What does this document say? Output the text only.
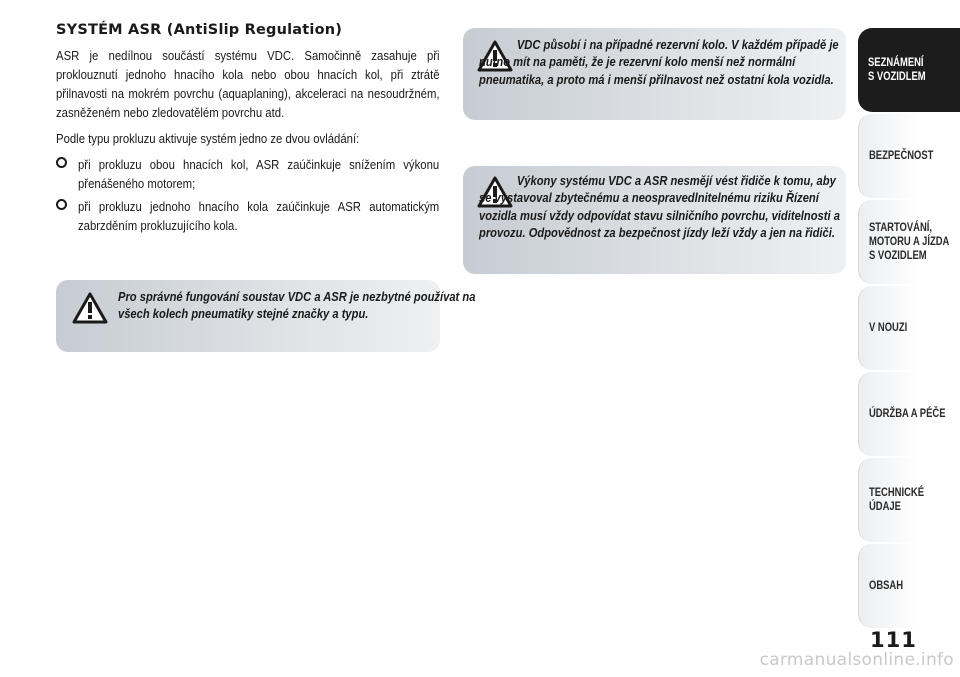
SYSTÉM ASR (AntiSlip Regulation)

ASR je nedílnou součástí systému VDC. Samočinně zasahuje při proklouznutí jednoho hnacího kola nebo obou hnacích kol, při ztrátě přilnavosti na mokrém povrchu (aquaplaning), akceleraci na nesoudržném, zasněženém nebo zledovatělém povrchu atd.

Podle typu prokluzu aktivuje systém jedno ze dvou ovládání:

při prokluzu obou hnacích kol, ASR zaúčinkuje snížením výkonu přenášeného motorem;
při prokluzu jednoho hnacího kola zaúčinkuje ASR automatickým zabrzděním prokluzujícího kola.

Pro správné fungování soustav VDC a ASR je nezbytné používat na všech kolech pneumatiky stejné značky a typu.

VDC působí i na případné rezervní kolo. V každém případě je nutno mít na paměti, že je rezervní kolo menší než normální pneumatika, a proto má i menší přilnavost než ostatní kola vozidla.

Výkony systému VDC a ASR nesmějí vést řidiče k tomu, aby se vystavoval zbytečnému a neospravedlnitelnému riziku Řízení vozidla musí vždy odpovídat stavu silničního povrchu, viditelnosti a provozu. Odpovědnost za bezpečnost jízdy leží vždy a jen na řidiči.

SEZNÁMENÍ
S VOZIDLEM
BEZPEČNOST
STARTOVÁNÍ,
MOTORU A JÍZDA
S VOZIDLEM
V NOUZI
ÚDRŽBA A PÉČE
TECHNICKÉ
ÚDAJE
OBSAH
111
carmanualsonline.info
